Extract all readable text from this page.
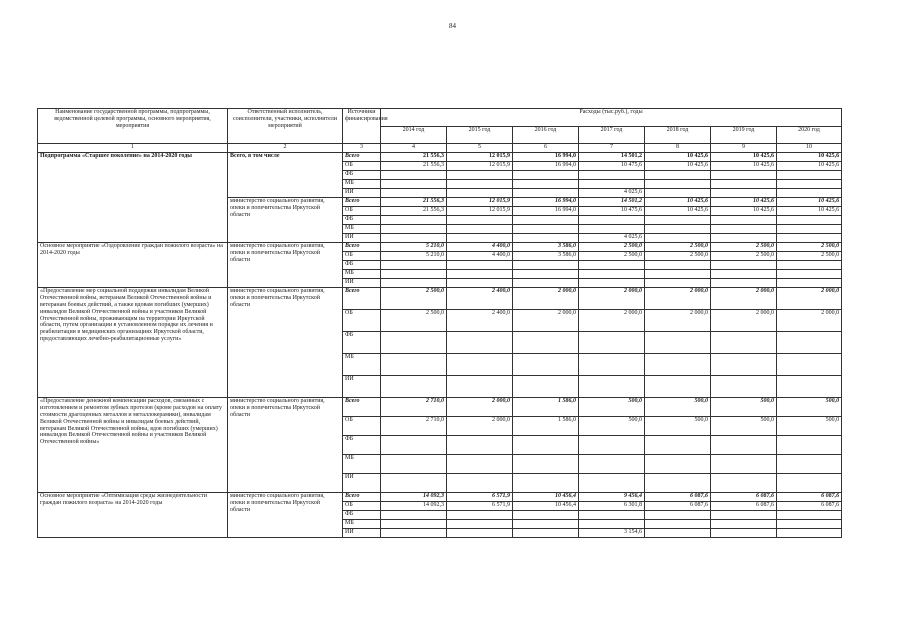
84
Наименование государственной программы, подпрограммы, ведомственной целевой программы, основного мероприятия, мероприятия	Ответственный исполнитель, соисполнители, участники, исполнители мероприятий	Источники финансирования	Расходы (тыс.руб.), годы						
			2014 год	2015 год	2016 год	2017 год	2018 год	2019 год	2020 год
1	2	3	4	5	6	7	8	9	10
Подпрограмма «Старшее поколение» на 2014-2020 годы	Всего, в том числе	Всего	21 556,3	12 015,9	16 994,0	14 501,2	10 425,6	10 425,6	10 425,6
		ОБ	21 556,3	12 015,9	16 994,0	10 475,6	10 425,6	10 425,6	10 425,6
		ФБ							
		МБ							
		ИИ				4 025,6			
	министерство социального развития, опеки и попечительства Иркутской области	Всего	21 556,3	12 015,9	16 994,0	14 501,2	10 425,6	10 425,6	10 425,6
		ОБ	21 556,3	12 015,9	16 994,0	10 475,6	10 425,6	10 425,6	10 425,6
		ФБ							
		МБ							
		ИИ				4 025,6			
Основное мероприятие «Оздоровление граждан пожилого возраста» на 2014-2020 годы	министерство социального развития, опеки и попечительства Иркутской области	Всего	5 210,0	4 400,0	3 586,0	2 500,0	2 500,0	2 500,0	2 500,0
		ОБ	5 210,0	4 400,0	3 586,0	2 500,0	2 500,0	2 500,0	2 500,0
		ФБ							
		МБ							
		ИИ							
«Предоставление мер социальной поддержки инвалидам Великой Отечественной войны, ветеранам Великой Отечественной войны и ветеранам боевых действий, а также вдовам погибших (умерших) инвалидов Великой Отечественной войны и участников Великой Отечественной войны, проживающим на территории Иркутской области, путем организации в установленном порядке их лечения и реабилитации в медицинских организациях Иркутской области, предоставляющих лечебно-реабилитационные услуги»	министерство социального развития, опеки и попечительства Иркутской области	Всего	2 500,0	2 400,0	2 000,0	2 000,0	2 000,0	2 000,0	2 000,0
		ОБ	2 500,0	2 400,0	2 000,0	2 000,0	2 000,0	2 000,0	2 000,0
		ФБ							
		МБ							
		ИИ							
«Предоставление денежной компенсации расходов, связанных с изготовлением и ремонтом зубных протезов (кроме расходов на оплату стоимости драгоценных металлов и металлокерамики), инвалидам Великой Отечественной войны и инвалидам боевых действий, ветеранам Великой Отечественной войны, вдов погибших (умерших) инвалидов Великой Отечественной войны и участников Великой Отечественной войны»	министерство социального развития, опеки и попечительства Иркутской области	Всего	2 710,0	2 000,0	1 586,0	500,0	500,0	500,0	500,0
		ОБ	2 710,0	2 000,0	1 586,0	500,0	500,0	500,0	500,0
		ФБ							
		МБ							
		ИИ							
Основное мероприятие «Оптимизация среды жизнедеятельности граждан пожилого возраста» на 2014-2020 годы	министерство социального развития, опеки и попечительства Иркутской области	Всего	14 092,3	6 571,9	10 456,4	9 456,4	6 087,6	6 087,6	6 087,6
		ОБ	14 092,3	6 571,9	10 456,4	6 301,8	6 087,6	6 087,6	6 087,6
		ФБ							
		МБ							
		ИИ				3 154,6			
